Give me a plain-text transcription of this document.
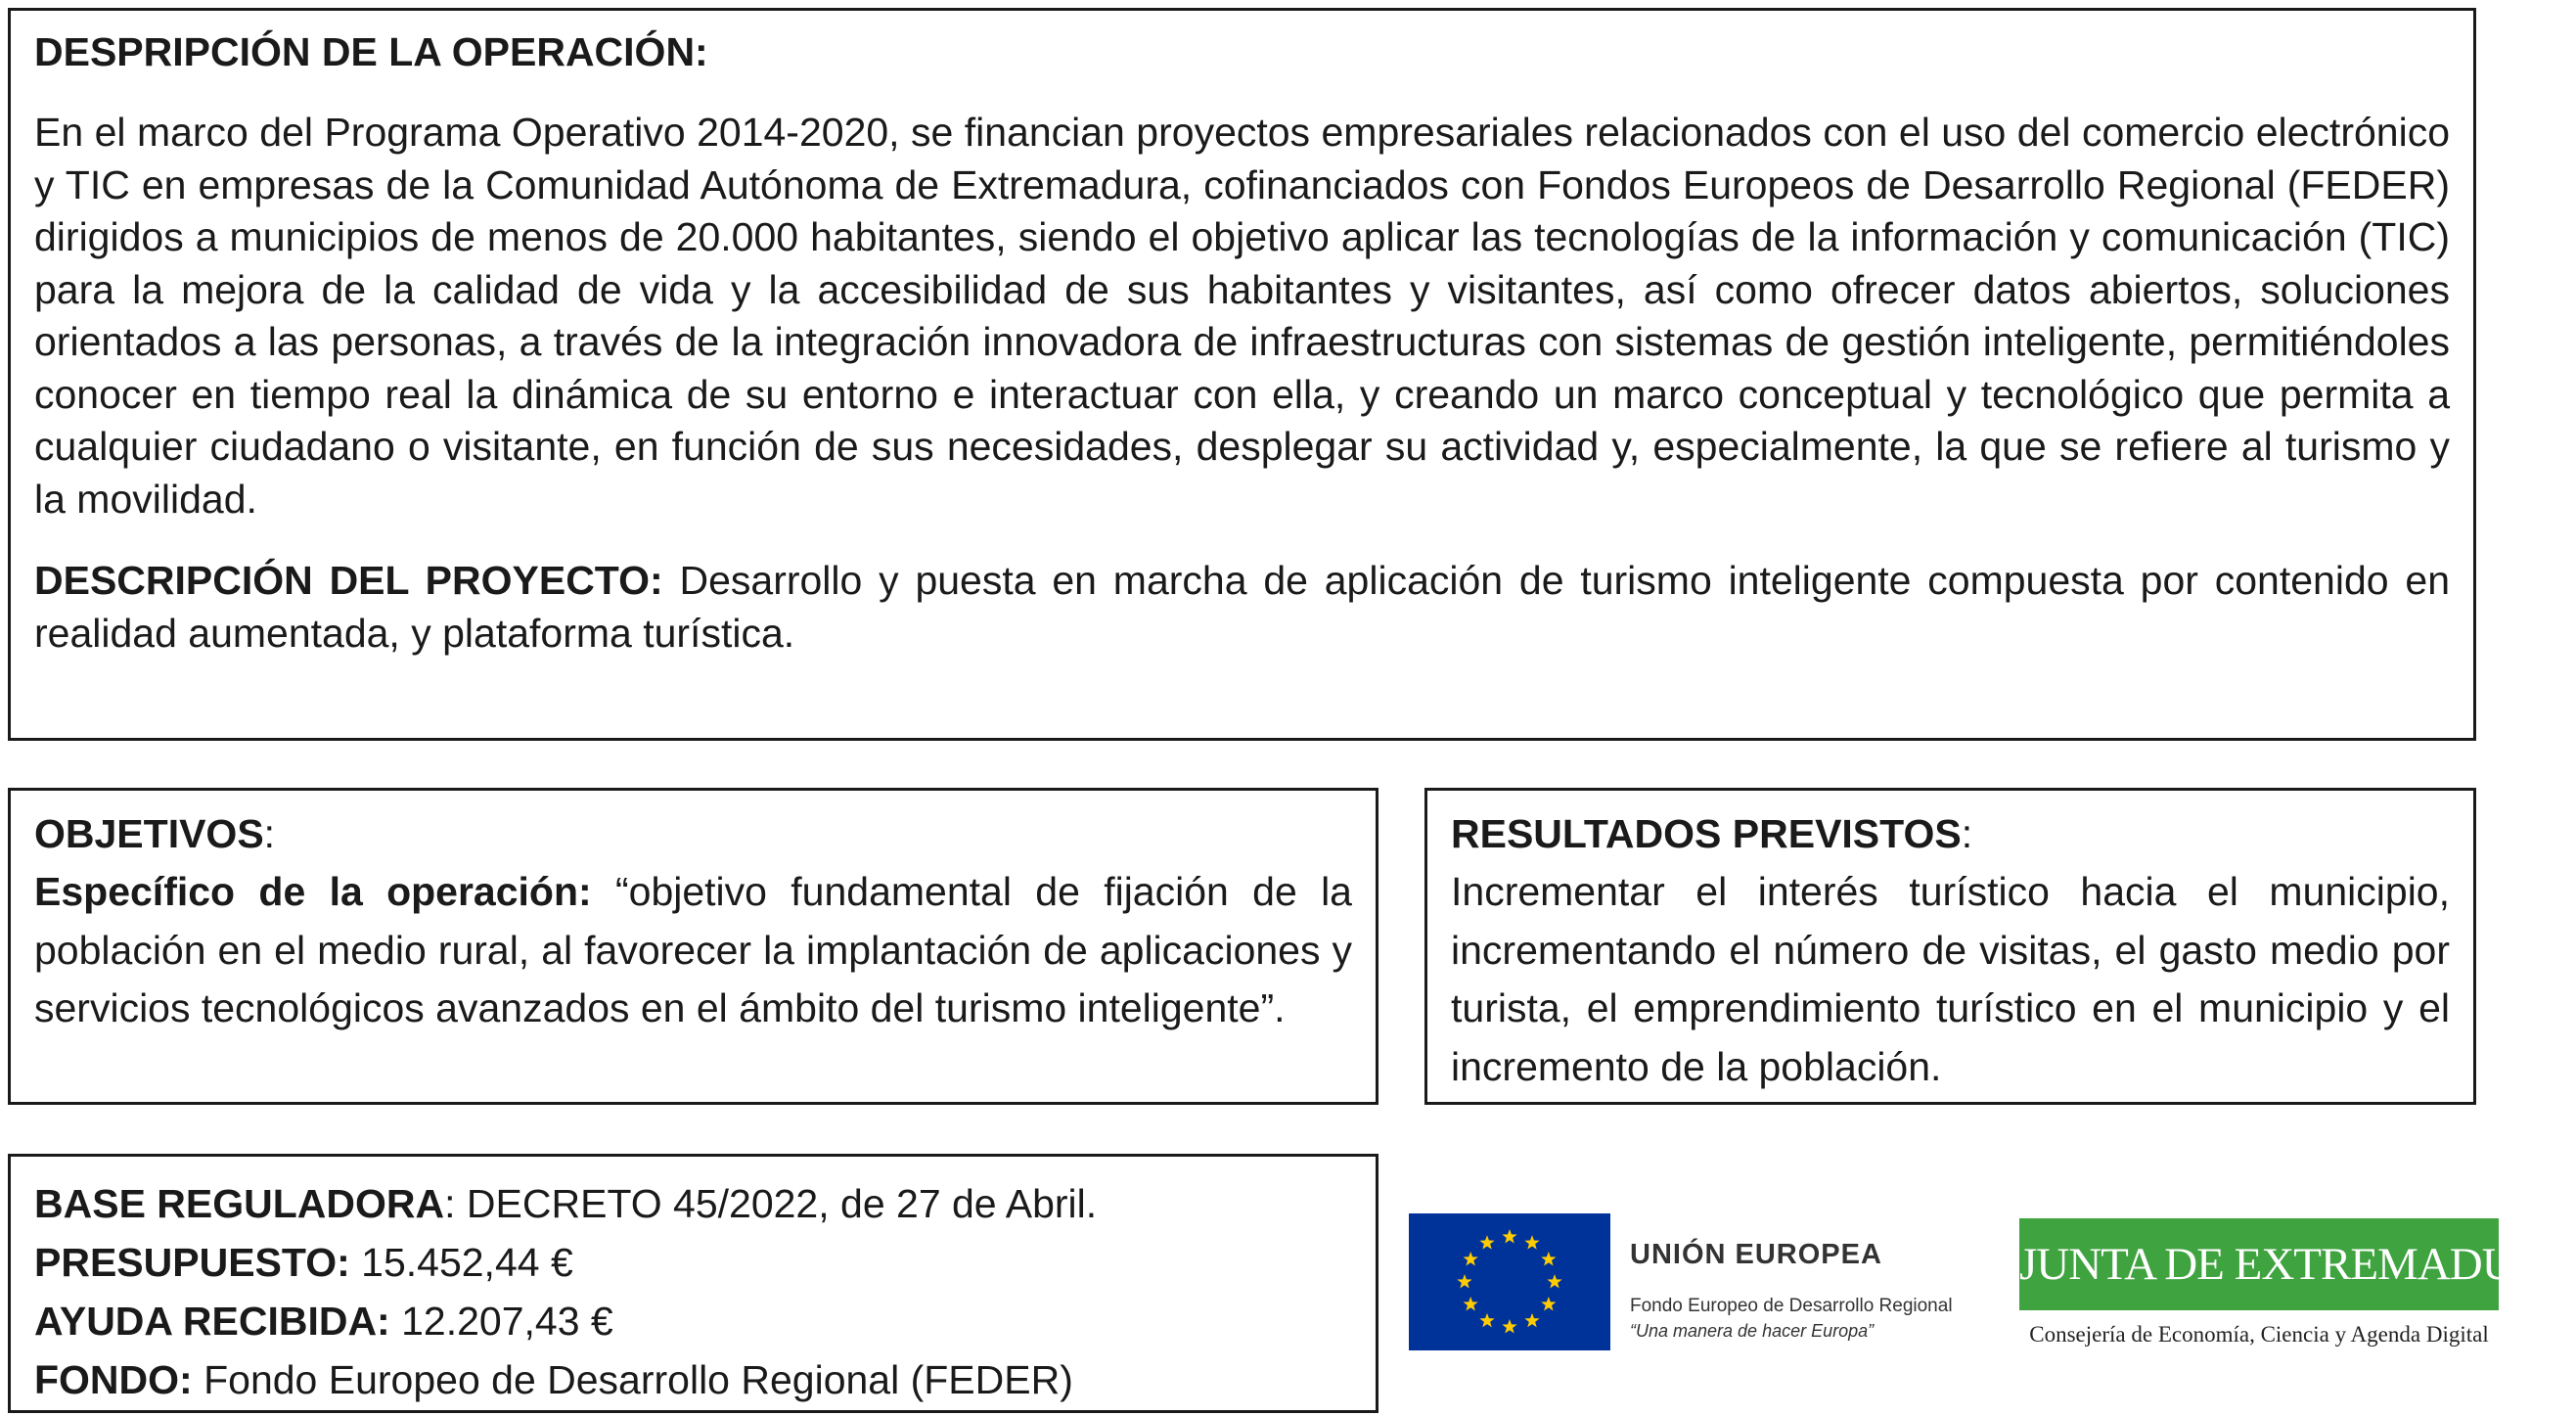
DESPRIPCIÓN DE LA OPERACIÓN:

En el marco del Programa Operativo 2014-2020, se financian proyectos empresariales relacionados con el uso del comercio electrónico y TIC en empresas de la Comunidad Autónoma de Extremadura, cofinanciados con Fondos Europeos de Desarrollo Regional (FEDER) dirigidos a municipios de menos de 20.000 habitantes, siendo el objetivo aplicar las tecnologías de la información y comunicación (TIC) para la mejora de la calidad de vida y la accesibilidad de sus habitantes y visitantes, así como ofrecer datos abiertos, soluciones orientados a las personas, a través de la integración innovadora de infraestructuras con sistemas de gestión inteligente, permitiéndoles conocer en tiempo real la dinámica de su entorno e interactuar con ella, y creando un marco conceptual y tecnológico que permita a cualquier ciudadano o visitante, en función de sus necesidades, desplegar su actividad y, especialmente, la que se refiere al turismo y la movilidad.

DESCRIPCIÓN DEL PROYECTO: Desarrollo y puesta en marcha de aplicación de turismo inteligente compuesta por contenido en realidad aumentada, y plataforma turística.

OBJETIVOS:

Específico de la operación: “objetivo fundamental de fijación de la población en el medio rural, al favorecer la implantación de aplicaciones y servicios tecnológicos avanzados en el ámbito del turismo inteligente”.

RESULTADOS PREVISTOS:

Incrementar el interés turístico hacia el municipio, incrementando el número de visitas, el gasto medio por turista, el emprendimiento turístico en el municipio y el incremento de la población.

BASE REGULADORA: DECRETO 45/2022, de 27 de Abril.

PRESUPUESTO: 15.452,44 €

AYUDA RECIBIDA: 12.207,43 €

FONDO: Fondo Europeo de Desarrollo Regional (FEDER)

UNIÓN EUROPEA
Fondo Europeo de Desarrollo Regional
“Una manera de hacer Europa”
JUNTA DE EXTREMADURA
Consejería de Economía, Ciencia y Agenda Digital
